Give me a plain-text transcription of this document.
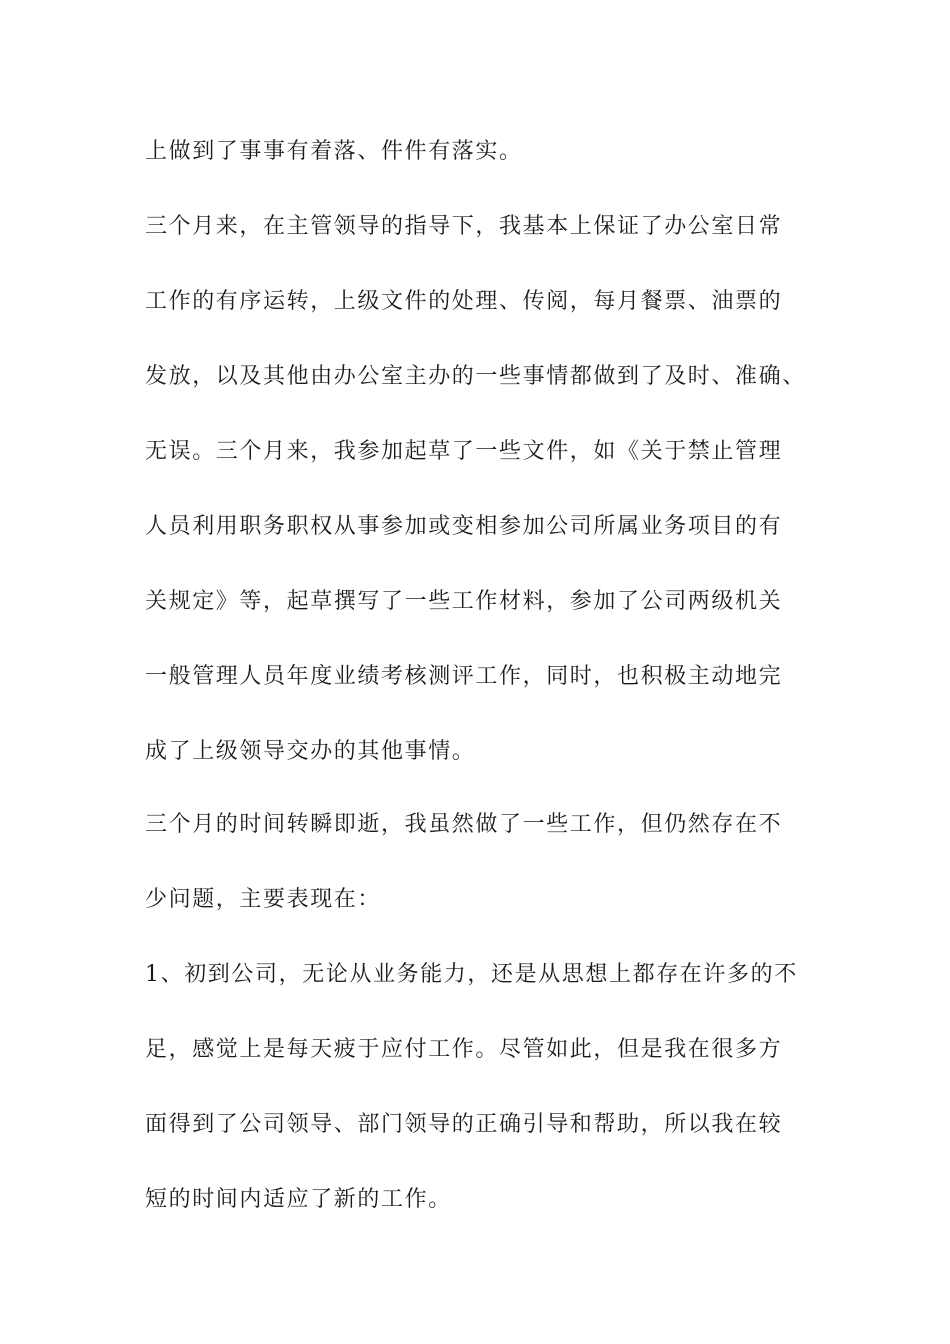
上做到了事事有着落、件件有落实。
三个月来，在主管领导的指导下，我基本上保证了办公室日常
工作的有序运转，上级文件的处理、传阅，每月餐票、油票的
发放，以及其他由办公室主办的一些事情都做到了及时、准确、
无误。三个月来，我参加起草了一些文件，如《关于禁止管理
人员利用职务职权从事参加或变相参加公司所属业务项目的有
关规定》等，起草撰写了一些工作材料，参加了公司两级机关
一般管理人员年度业绩考核测评工作，同时，也积极主动地完
成了上级领导交办的其他事情。
三个月的时间转瞬即逝，我虽然做了一些工作，但仍然存在不
少问题，主要表现在：
1、初到公司，无论从业务能力，还是从思想上都存在许多的不
足，感觉上是每天疲于应付工作。尽管如此，但是我在很多方
面得到了公司领导、部门领导的正确引导和帮助，所以我在较
短的时间内适应了新的工作。
